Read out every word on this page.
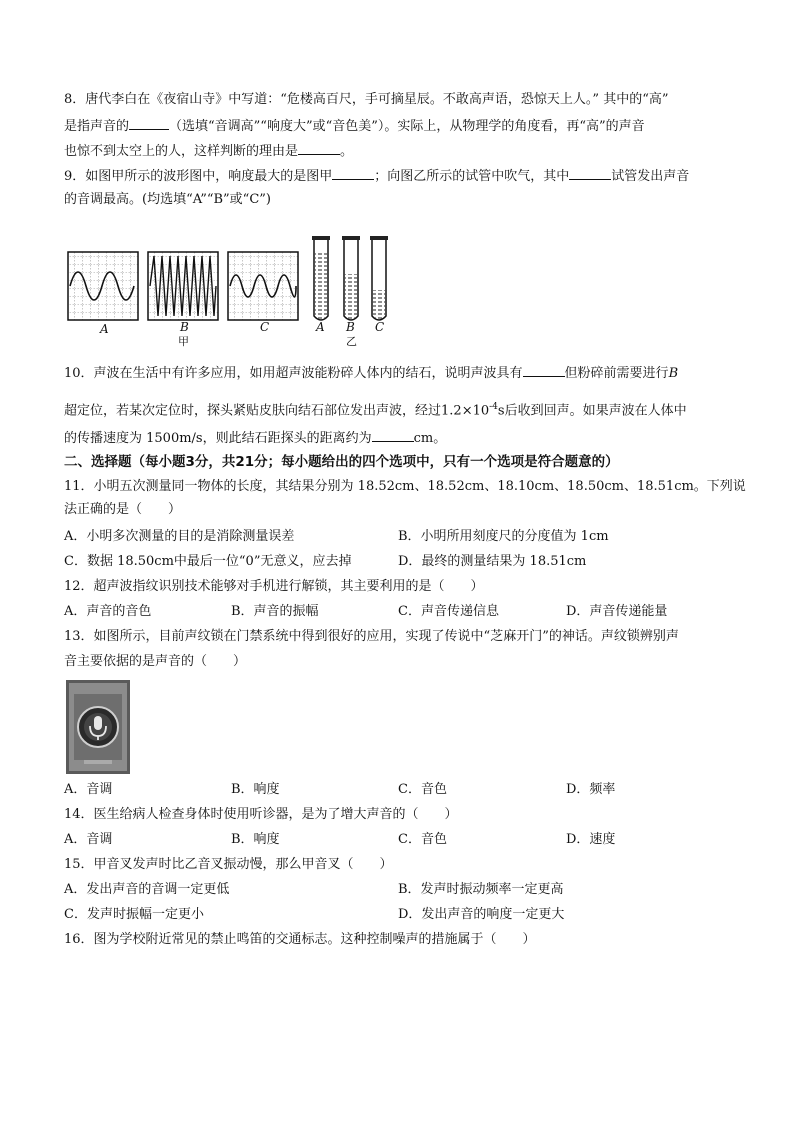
8．唐代李白在《夜宿山寺》中写道：“危楼高百尺，手可摘星辰。不敢高声语，恐惊天上人。” 其中的“高”
是指声音的	（选填“音调高”“响度大”或“音色美”）。实际上，从物理学的角度看，再“高”的声音
也惊不到太空上的人，这样判断的理由是	。
9．如图甲所示的波形图中，响度最大的是图甲	；向图乙所示的试管中吹气，其中	试管发出声音
的音调最高。(均选填“A”“B”或“C”)
A	B	C
甲
A B C
乙
10．声波在生活中有许多应用，如用超声波能粉碎人体内的结石，说明声波具有	但粉碎前需要进行B
超定位，若某次定位时，探头紧贴皮肤向结石部位发出声波，经过$1.2\times 10^{-4}s$后收到回声。如果声波在人体中
的传播速度为 1500m/s，则此结石距探头的距离约为	cm。
二、选择题（每小题3分，共21分；每小题给出的四个选项中，只有一个选项是符合题意的）
11．小明五次测量同一物体的长度，其结果分别为 18.52cm、18.52cm、18.10cm、18.50cm、18.51cm。下列说
法正确的是（　　）
A．小明多次测量的目的是消除测量误差	B．小明所用刻度尺的分度值为 1cm
C．数据 18.50cm中最后一位“0”无意义，应去掉	D．最终的测量结果为 18.51cm
12．超声波指纹识别技术能够对手机进行解锁，其主要利用的是（　　）
A．声音的音色	B．声音的振幅	C．声音传递信息	D．声音传递能量
13．如图所示，目前声纹锁在门禁系统中得到很好的应用，实现了传说中“芝麻开门”的神话。声纹锁辨别声
音主要依据的是声音的（　　）
A．音调	B．响度	C．音色	D．频率
14．医生给病人检查身体时使用听诊器，是为了增大声音的（　　）
A．音调	B．响度	C．音色	D．速度
15．甲音叉发声时比乙音叉振动慢，那么甲音叉（　　）
A．发出声音的音调一定更低	B．发声时振动频率一定更高
C．发声时振幅一定更小	D．发出声音的响度一定更大
16．图为学校附近常见的禁止鸣笛的交通标志。这种控制噪声的措施属于（　　）
